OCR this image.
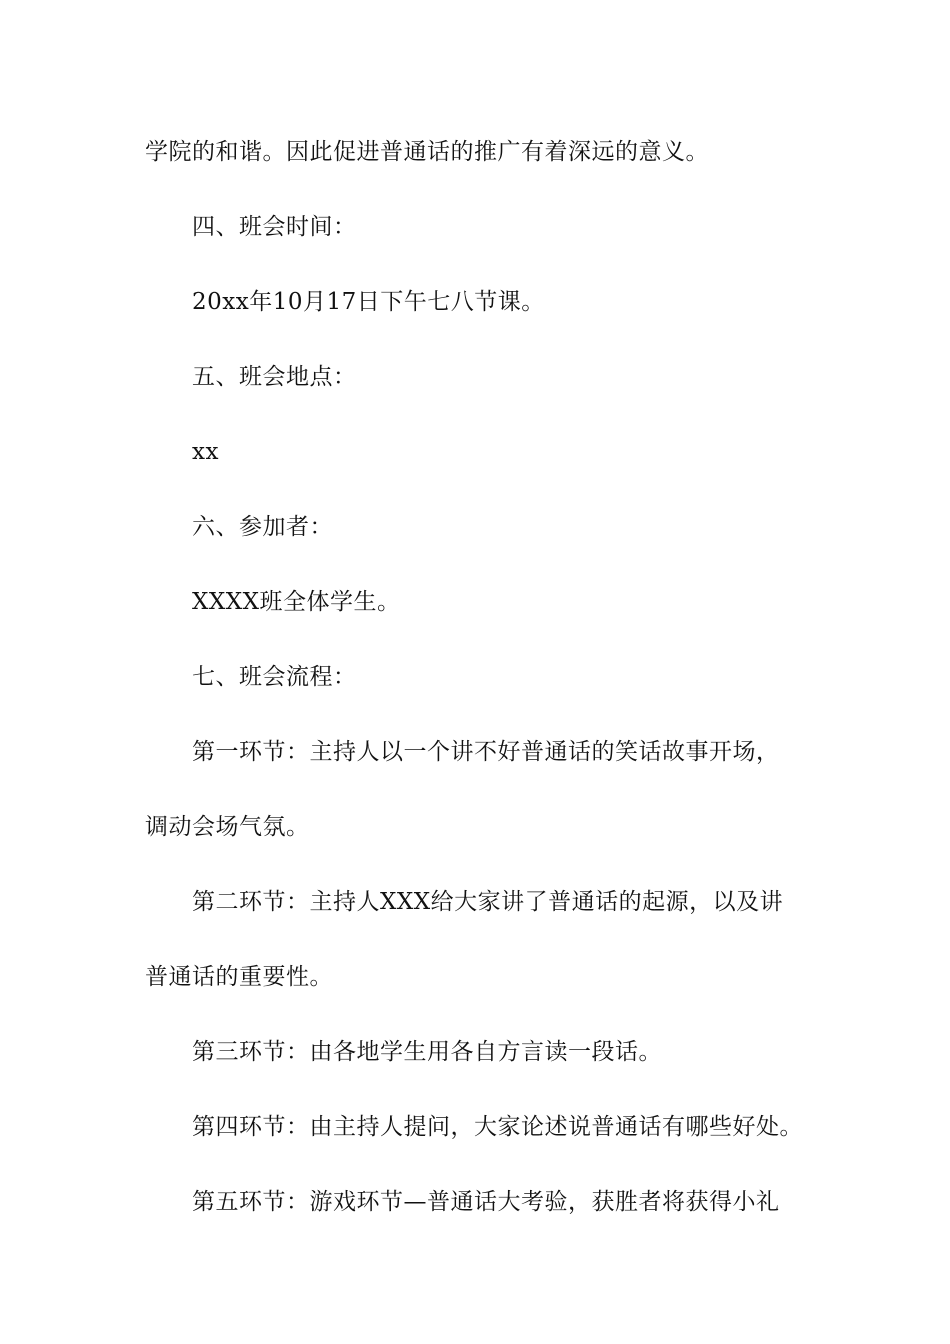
学院的和谐。因此促进普通话的推广有着深远的意义。
四、班会时间：
20xx年10月17日下午七八节课。
五、班会地点：
xx
六、参加者：
XXXX班全体学生。
七、班会流程：
第一环节：主持人以一个讲不好普通话的笑话故事开场，
调动会场气氛。
第二环节：主持人XXX给大家讲了普通话的起源，以及讲
普通话的重要性。
第三环节：由各地学生用各自方言读一段话。
第四环节：由主持人提问，大家论述说普通话有哪些好处。
第五环节：游戏环节—普通话大考验，获胜者将获得小礼
